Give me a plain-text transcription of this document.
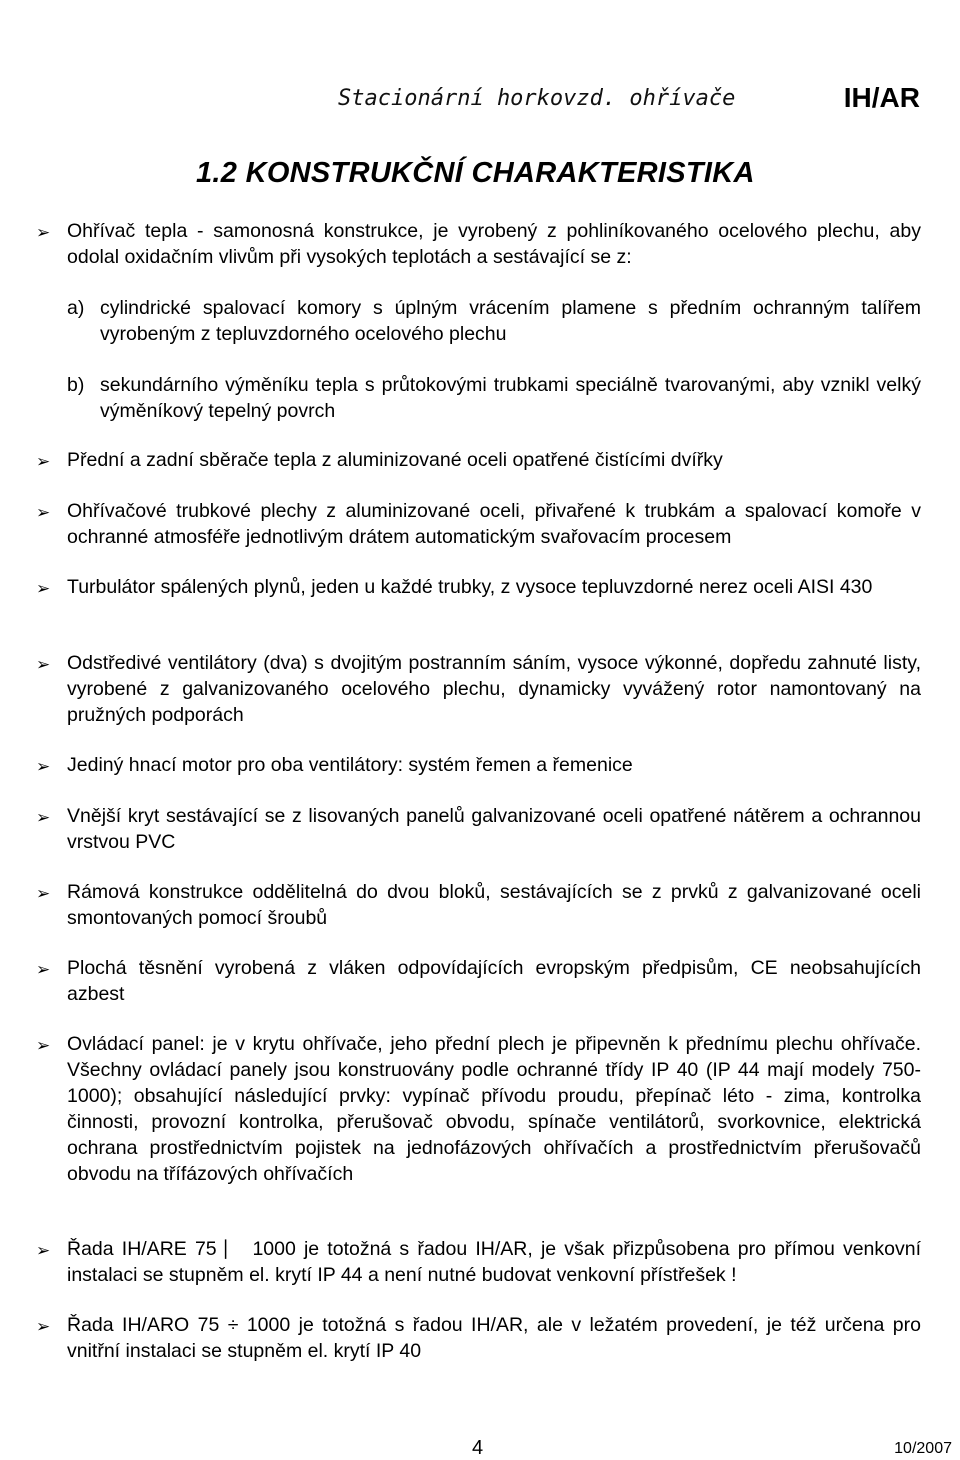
Stacionární horkovzd. ohřívače	IH/AR
1.2 KONSTRUKČNÍ CHARAKTERISTIKA
➢ Ohřívač tepla - samonosná konstrukce, je vyrobený z pohliníkovaného ocelového plechu, aby odolal oxidačním vlivům při vysokých teplotách a sestávající se z:
a) cylindrické spalovací komory s úplným vrácením plamene s předním ochranným talířem vyrobeným z tepluvzdorného ocelového plechu
b) sekundárního výměníku tepla s průtokovými trubkami speciálně tvarovanými, aby vznikl velký výměníkový tepelný povrch
➢ Přední a zadní sběrače tepla z aluminizované oceli opatřené čistícími dvířky
➢ Ohřívačové trubkové plechy z aluminizované oceli, přivařené k trubkám a spalovací komoře v ochranné atmosféře jednotlivým drátem automatickým svařovacím procesem
➢ Turbulátor spálených plynů, jeden u každé trubky, z vysoce tepluvzdorné nerez oceli AISI 430
➢ Odstředivé ventilátory (dva) s dvojitým postranním sáním, vysoce výkonné, dopředu zahnuté listy, vyrobené z galvanizovaného ocelového plechu, dynamicky vyvážený rotor namontovaný na pružných podporách
➢ Jediný hnací motor pro oba ventilátory: systém řemen a řemenice
➢ Vnější kryt sestávající se z lisovaných panelů galvanizované oceli opatřené nátěrem a ochrannou vrstvou PVC
➢ Rámová konstrukce oddělitelná do dvou bloků, sestávajících se z prvků z galvanizované oceli smontovaných pomocí šroubů
➢ Plochá těsnění vyrobená z vláken odpovídajících evropským předpisům, CE neobsahujících azbest
➢ Ovládací panel: je v krytu ohřívače, jeho přední plech je připevněn k přednímu plechu ohřívače. Všechny ovládací panely jsou konstruovány podle ochranné třídy IP 40 (IP 44 mají modely 750-1000); obsahující následující prvky: vypínač přívodu proudu, přepínač léto - zima, kontrolka činnosti, provozní kontrolka, přerušovač obvodu, spínače ventilátorů, svorkovnice, elektrická ochrana prostřednictvím pojistek na jednofázových ohřívačích a prostřednictvím přerušovačů obvodu na třífázových ohřívačích
➢ Řada IH/ARE 75 ⎸ 1000 je totožná s řadou IH/AR, je však přizpůsobena pro přímou venkovní instalaci se stupněm el. krytí IP 44 a není nutné budovat venkovní přístřešek !
➢ Řada IH/ARO 75 ÷ 1000 je totožná s řadou IH/AR, ale v ležatém provedení, je též určena pro vnitřní instalaci se stupněm el. krytí IP 40
4	10/2007
